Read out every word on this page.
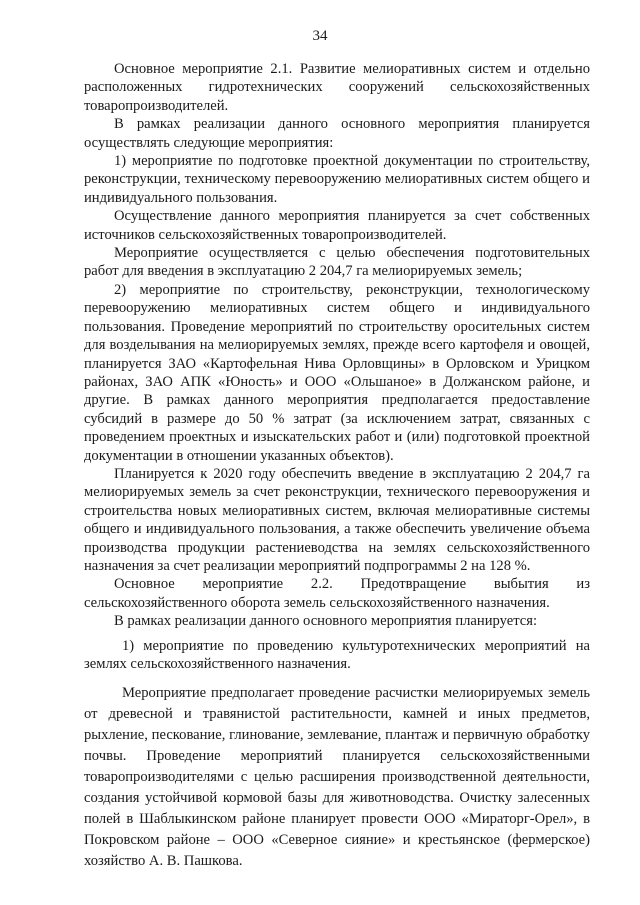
34

Основное мероприятие 2.1. Развитие мелиоративных систем и отдельно расположенных гидротехнических сооружений сельскохозяйственных товаропроизводителей.

В рамках реализации данного основного мероприятия планируется осуществлять следующие мероприятия:

1) мероприятие по подготовке проектной документации по строительству, реконструкции, техническому перевооружению мелиоративных систем общего и индивидуального пользования.

Осуществление данного мероприятия планируется за счет собственных источников сельскохозяйственных товаропроизводителей.

Мероприятие осуществляется с целью обеспечения подготовительных работ для введения в эксплуатацию 2 204,7 га мелиорируемых земель;

2) мероприятие по строительству, реконструкции, технологическому перевооружению мелиоративных систем общего и индивидуального пользования. Проведение мероприятий по строительству оросительных систем для возделывания на мелиорируемых землях, прежде всего картофеля и овощей, планируется ЗАО «Картофельная Нива Орловщины» в Орловском и Урицком районах, ЗАО АПК «Юность» и ООО «Ольшаное» в Должанском районе, и другие. В рамках данного мероприятия предполагается предоставление субсидий в размере до 50 % затрат (за исключением затрат, связанных с проведением проектных и изыскательских работ и (или) подготовкой проектной документации в отношении указанных объектов).

Планируется к 2020 году обеспечить введение в эксплуатацию 2 204,7 га мелиорируемых земель за счет реконструкции, технического перевооружения и строительства новых мелиоративных систем, включая мелиоративные системы общего и индивидуального пользования, а также обеспечить увеличение объема производства продукции растениеводства на землях сельскохозяйственного назначения за счет реализации мероприятий подпрограммы 2 на 128 %.

Основное мероприятие 2.2. Предотвращение выбытия из сельскохозяйственного оборота земель сельскохозяйственного назначения.

В рамках реализации данного основного мероприятия планируется:

1) мероприятие по проведению культуротехнических мероприятий на землях сельскохозяйственного назначения.

Мероприятие предполагает проведение расчистки мелиорируемых земель от древесной и травянистой растительности, камней и иных предметов, рыхление, пескование, глинование, землевание, плантаж и первичную обработку почвы. Проведение мероприятий планируется сельскохозяйственными товаропроизводителями с целью расширения производственной деятельности, создания устойчивой кормовой базы для животноводства. Очистку залесенных полей в Шаблыкинском районе планирует провести ООО «Мираторг-Орел», в Покровском районе – ООО «Северное сияние» и крестьянское (фермерское) хозяйство А. В. Пашкова.
